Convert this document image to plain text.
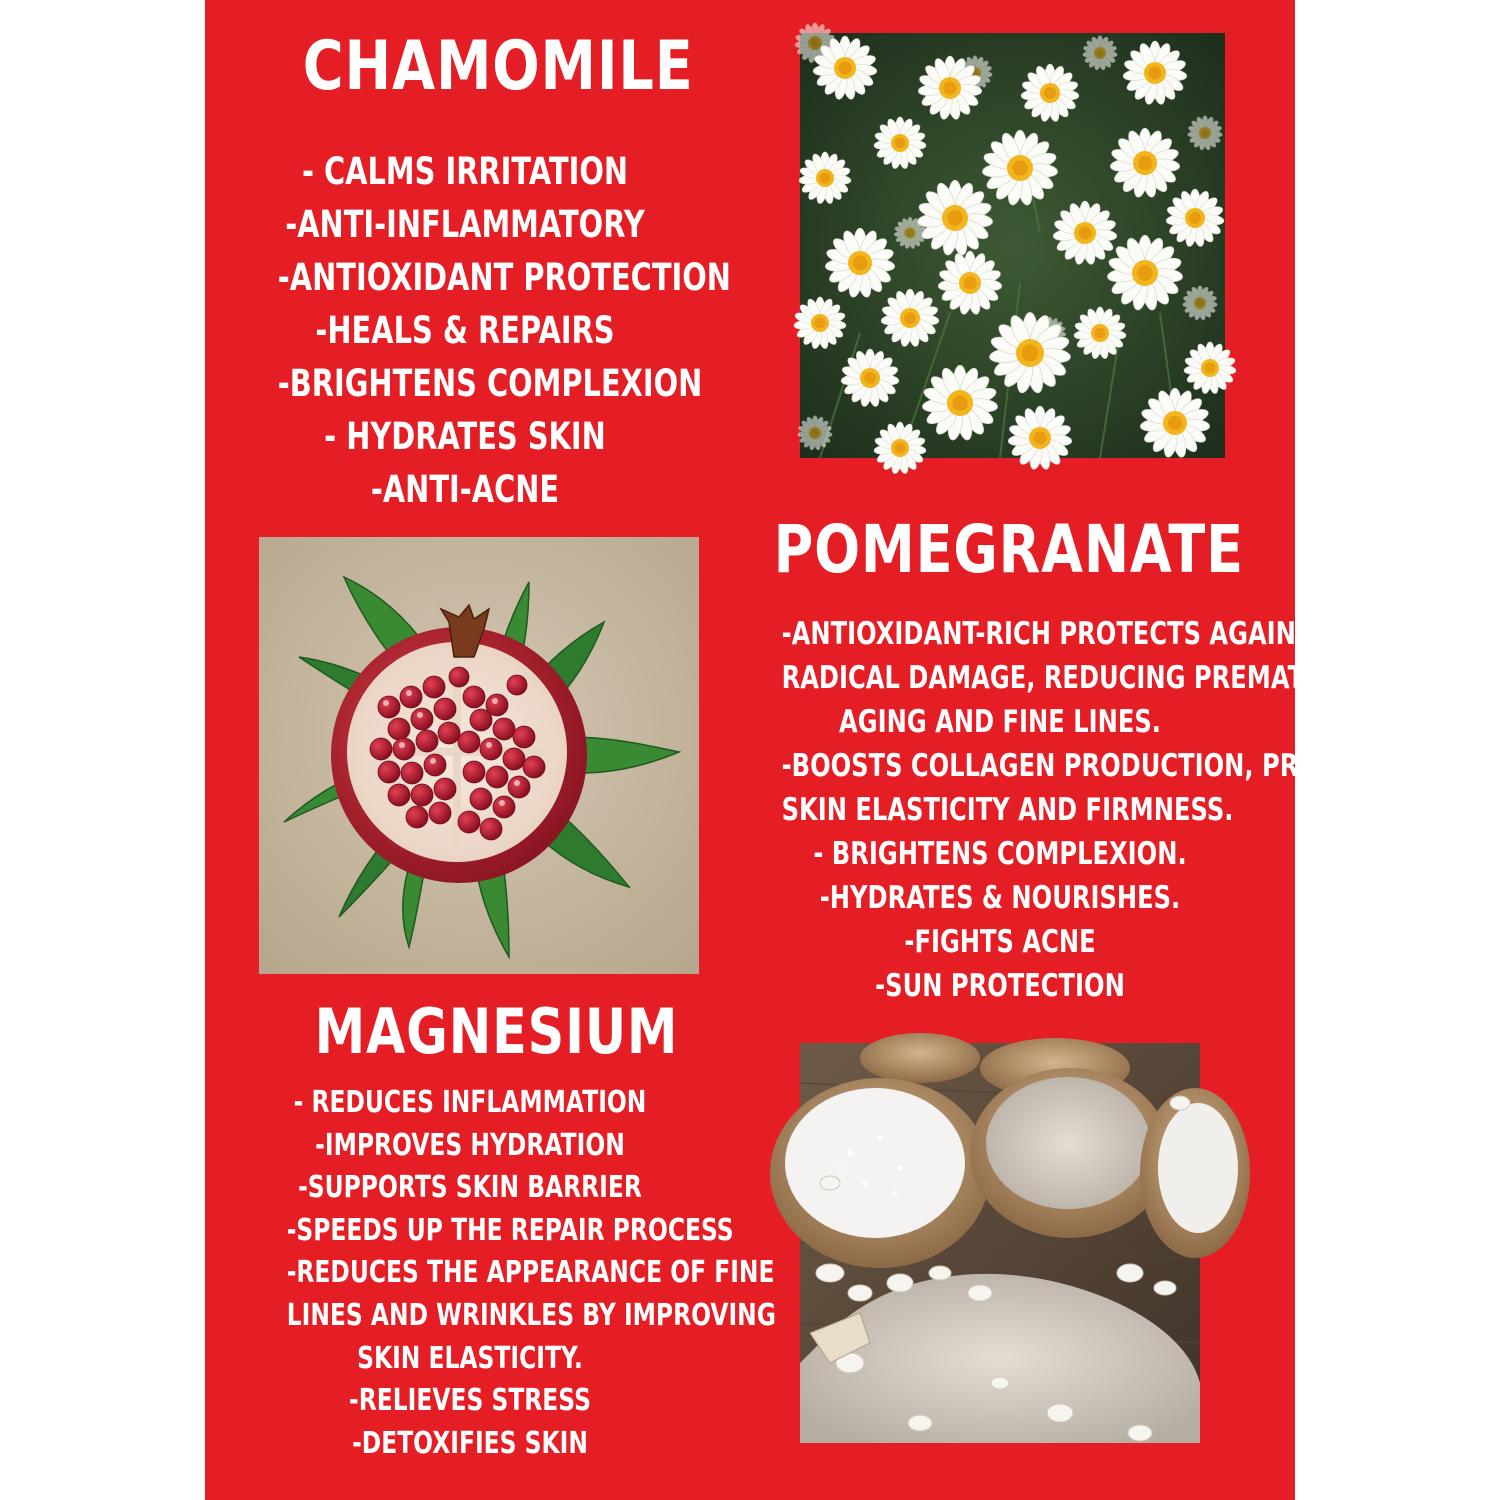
CHAMOMILE
- CALMS IRRITATION
-ANTI-INFLAMMATORY
-ANTIOXIDANT PROTECTION
-HEALS & REPAIRS
-BRIGHTENS COMPLEXION
- HYDRATES SKIN
-ANTI-ACNE
POMEGRANATE
-ANTIOXIDANT-RICH PROTECTS AGAINST FREE
RADICAL DAMAGE, REDUCING PREMATURE
AGING AND FINE LINES.
-BOOSTS COLLAGEN PRODUCTION, PROMOTES
SKIN ELASTICITY AND FIRMNESS.
- BRIGHTENS COMPLEXION.
-HYDRATES & NOURISHES.
-FIGHTS ACNE
-SUN PROTECTION
MAGNESIUM
- REDUCES INFLAMMATION
-IMPROVES HYDRATION
-SUPPORTS SKIN BARRIER
-SPEEDS UP THE REPAIR PROCESS
-REDUCES THE APPEARANCE OF FINE
LINES AND WRINKLES BY IMPROVING
SKIN ELASTICITY.
-RELIEVES STRESS
-DETOXIFIES SKIN
